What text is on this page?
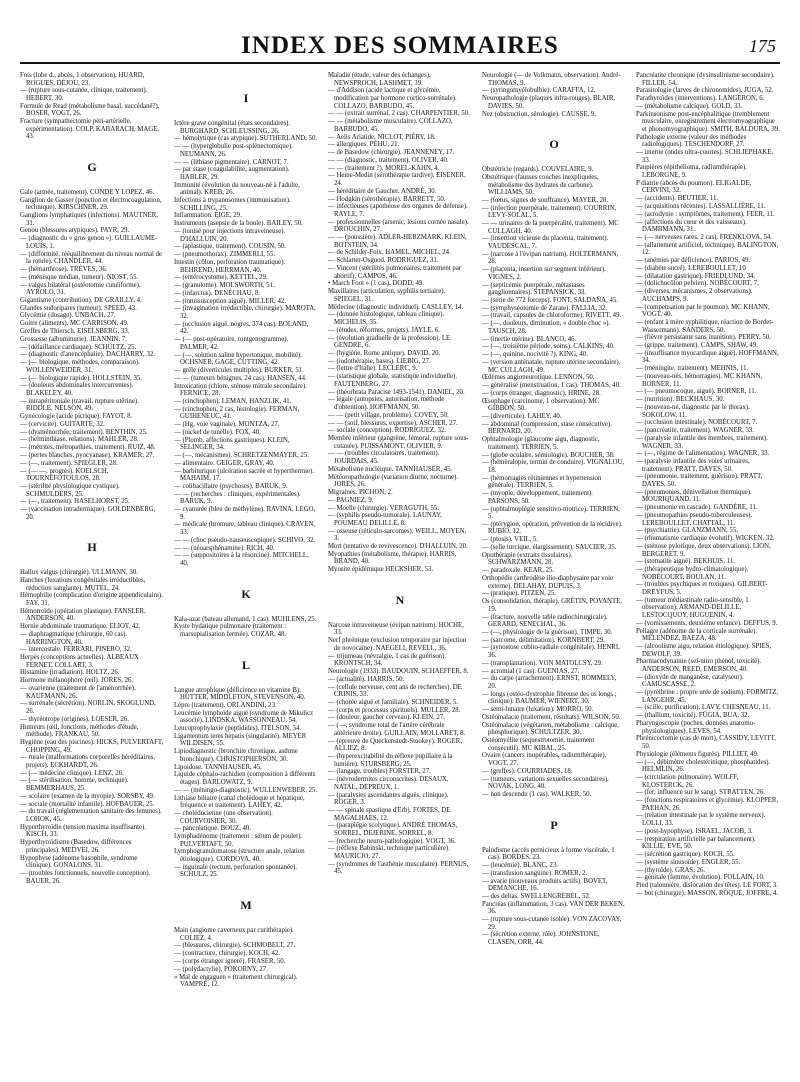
INDEX DES SOMMAIRES	175
Fois (lobe d., abcès, 1 observation). HUARD, ROGUES, DÉJOU, 23.
— (rupture sous-cutanée, clinique, traitement). HEBERT, 30.
Formule de Read (métabolisme basal, succédané?). BOSER, VOGT, 26.
Fracture (sympathectomie péri-artérielle, expérimentation). COLP, KABARACH, MAGE, 43.
G
Gale (armée, traitement). CONDE Y LOPEZ, 46.
Ganglion de Gasser (ponction et électrocoagulation, technique). KIRSCHNER, 29.
Ganglions lymphatiques (infections). MAUTNER, 31.
Genou (blessures atypiques). PAYR, 29.
— (diagnostic du « gros genou »). GUILLAUME-LOUIS, 1.
— (difformité, rééquilibrement du niveau normal de la rotule). CHANDLER, 44.
— (hémarthrose). TRÈVES, 36.
— (ménisque médian, tumeur). NIOST, 55.
— valgus bilatéral (ostéotomie cunéiforme). AYROLO, 31.
Gigantisme (contribution). DE GRAILLY, 4.
Glandes sudoripares (tumeur). SPEED, 43.
Glycémie (dosage). UNBACH, 27.
Goitre (aliments). MC CARRISON, 49.
Greffes de Thiersch. EISELSBERG, 33.
Grossesse (albuminurie). JEANNIN, 7.
— (défaillance cardiaque). SCHULTZ, 25.
— (diagnostic d'anencéphalie). DACHARRY, 32.
— (— biologique, méthodes, comparaison). WOLLENWEIDER, 31.
— (— biologique rapide). HOLLSTEIN, 35.
— (douleurs abdominales intercurrentes). BLAKELEY, 40.
— intrapéritoniale (travail, rupture utérine). RIDDLE, NELSON, 49.
Gynécologie (acide picrique). FAYOT, 8.
— (cervicite). GUITARTE, 32.
— (dysménorrhée, traitement). BENTHIN, 25.
— (helminthiase, relations). MAHLER, 28.
— (métrites, métropathies, traitement). RUIZ, 48.
— (pertes blanches, pyocyanase). KRAMER, 27.
— (—, traitement). SPIEGLER, 28.
— (— —, progrès). KOELSCH, TOURNEFOTOULOS, 28.
— (stérilité physiologique cystique). SCHMULDERS, 25.
— (—, traitement). HASELHORST, 25.
— (vaccination intradermique). GOLDENBERG, 20.
H
Hallux valgus (chirurgie). ULLMANN, 30.
Hanches (luxations congénitales irréductibles, réduction sanglante). MUTEL, 24.
Hémophilie (complication d'origine appendiculaire). FAY, 31.
Hémorroïde (opération plastique). FANSLER, ANDERSON, 40.
Hernie abdominale traumatique. ELIOT, 42.
— diaphragmatique (chirurgie, 60 cas). HARRINGTON, 40.
— intercostale. FERRARI, PINERO, 32.
Herpès (conceptions actuelles). ALBEAUX FERNET, COLLART, 3.
Histamine (irradiation). HOLTZ, 26.
Hormone mélanophore (œil). JORES, 26.
— ovarienne (traitement de l'aménorrhée). KAUFMANN, 26.
— surrénale (sécrétion). NORLIN, SKOGLUND, 26.
— thyréotrope (origines). LOESER, 26.
Humeurs (œil, fonctions, méthodes d'étude, méthode). FRANKAU, 50.
Hygiène (eau des piscines). HICKS, PULVERTAFT, CHOPPING, 49.
— rurale (malformations corporelles héréditaires, projets). ECKHARDT, 26.
— (— médecine clinique). LENZ, 26.
— (— stérilisation, homme, technique). BEMMERHAUS, 25.
— scolaire (examen de la myopie). SORSBY, 49.
— sociale (mortalité infantile). HOFBAUER, 25.
— du travail (réglementation sanitaire des femmes). LOHOK, 45.
Hyperthyroïdie (tension maxima insuffisante). KISCH, 33.
Hyperthyroïdisme (Basedow, différences principales). MEDVEI, 26.
Hypophyse (adénome basophile, syndrome clinique). GONALONS, 31.
— (troubles fonctionnels, nouvelle conception). BAUER, 26.
I
Ictère grave congénital (états secondaires). BURGHARD, SCHLEUSSING, 26.
— hémolytique (cas atypique). SUTHERLAND, 50.
— — (hyperglobulie post-splénectomique). NEUMANN, 26.
— — (lithiase pigmentaire). CARNOT, 7.
— par stase (coagulabilité, augmentation). HABLER, 29.
Immunité (évolution du nouveau-né à l'adulte, animal). KREB, 26.
Infections à trypanosomes (immunisation). SCHILLING, 25.
Inflammation. EIGE, 29.
Instruments (asepsie de la boule). BAILEY, 50.
— (ionisé pour injections intraveineuse). D'HALLUIN, 20.
— (aplastique, traitement). COUSIN, 50.
— (pneumothorax). ZIMMERLI, 55.
Intestin (côlon, perforation traumatique). BEHREND, HERRMAN, 40.
— (entérocystome). KETTEL, 29.
— (granulome). MOLSWORTH, 51.
— (infarctus). DENÉCHAU, 8.
— (intussusception aiguë). MILLER, 42.
— (invagination irréductible, chirurgie). MAROTA, 32.
— (occlusion aiguë, nogres, 374 cas). BOLAND, 42.
— (— post-opératoire, rontgenogramme). PALMER, 42.
— (—, solution saline hypertonique, mobilité). OCHSNER, GAGE, CUTTING, 42.
— grêle (diverticules multiples). BURKER, 51.
— — (tumeurs bénignes, 24 cas). HANSEN, 44.
Intoxication (chlore, sténose mitrale secondaire). FERNICE, 28.
— (cinchophen). LEMAN, HANZLIK, 41.
— (cinchophen, 2 cas, histologie). FERMAN, GUIHENEUC, 41.
— (Hg, voie vaginale). MONTZA, 27.
— (nickel de tunelle). FOX, 40.
— (Plomb, affections gastriques). KLEIN, SELINGER, 34.
— (—, mécanismes). SCHRETZENMAYER, 25.
— alimentaire. GEIGER, GRAY, 40.
— barbiturique (ulcération sacrée et hyperthermie). MAHAIM, 17.
— colibacillaire (psychoses). BARUK, 9.
— — (recherches : cliniques, expérimentales). BARUK, 9.
— cyanurée (bleu de méthylène). RAVINA, LEGO, 9.
— médicale (bromure, tableau clinique). CRAVEN, 33.
— — (choc pseudo-nauseuscopique). SCHIVO, 32.
— — (néoarsphénamine). RICH, 40.
— — (suppositoires à la résorcine). MITCHELL, 40.
K
Kala-azar (bateau allemand, 1 cas). MUHLENS, 25.
Kyste hydatique pulmonaire (traitement : marsupialisation fermée). COZAR, 48.
L
Langue atrophique (déficience en vitamine B). HUTTER, MIDDLETON, STEVENSON, 40.
Lèpre (traitement). ORLANDINI, 23.
Leucémie lymphoïde aiguë (syndrome de Mikulicz associé). LINDSKA, WASSONNEAU, 54.
Leucoprophylaxie (peptidides). ITELSON, 54.
Ligamentum teres hepatis (singularité). MEYER WILDISEN, 55.
Lipiodiagnostic (bronchite chronique, asthme bronchique). CHRISTOPHERSON, 30.
Lipoidose. TANNHAUSER, 45.
Liquide céphalo-rachidien (composition à différents étages). BARLOWATZ, 9.
— — (méningo-diagnostic). WULLENWEBER, 25.
Lithiase biliaire (canal cholédoque et hépatique, fréquence et traitement). LAHEY, 42.
— cholédocienne (une observation). COURVOISIER, 30.
— pancréatique. BOUZ, 40.
Lymphadénome (traitement : sérum de poulet). PULVERTAFT, 50.
Lymphogranulomatose (structure anale, relation étiologique). CORDOVA, 40.
— inguinale (rectum, perforation spontanée). SCHULZ, 25.
M
Main (angiome caverneux par curithérapie). COLIEZ, 4.
— (blessures, chirurgie). SCHMOBELT, 27.
— (contracture, chirurgie). KOCH, 42.
— (corps étranger igneré). FRASER, 50.
— (polydactylie). POKORNY, 27.
« Mal de engaguen » (traitement chirurgical). VAMPRÉ, 12.
Maladie (étude, valeur des échanges). NEWSPROCH, LASHMET, 39.
— d'Addison (acide lactique et glycémie, modification par hormone cortico-surrénale). COLLAZO, BARBUDO, 45.
— — (extrait surrénal, 2 cas). CHARPENTIER, 50.
— — (métabolisme musculaire). COLLAZO, BARBUDO, 45.
— Aelis Ariatide. NICLOT, PIÉRY, 18.
— allergiques. PÉHU, 21.
— de Basedow (chirurgie). JEANNENEY, 17.
— — (diagnostic, traitement). OLIVER, 40.
— — (traitement ?). MOREL-KAHN, 4.
— Heine-Medin (sérothérapie tardive). EISENER, 24.
— héréditaire de Gaucher. ANDRÉ, 30.
— Hodgkin (sérothérapie). BARRETT, 50.
— infectieuses (apothéose des organes de défense). RAYLE, 7.
— professionnelles (arsenic, lésions cornée nasale). DROUCHIN, 27.
— — (poussière). ADLER-HERZMARK, KLEIN, BOTSTEIN, 34.
— de Schilder-Foix. HAMEL, MICHEL, 24.
— Schlatter-Osgood. RODRIGUEZ, 31.
— Vincent (stérilités pulmonaires, traitement par abortif). CAMPOS, 46.
• March Foot » (1 cas). DODD, 49.
Maxillaires (articulation, syphilis tertiaire). SPIEGEL, 31.
Médecine (diagnostic individuel). CASLLEY, 14.
— (donnée histologique, tableau clinique). MICHELIS, 35.
— (études, réformes, projets). JAYLE, 6.
— (évolution graduelle de la profession). LE GENDRE, 6.
— (hygiène, Rome antique). DAVID, 20.
— (iodothérapie, bases). LIEBIG, 27.
— (lettre d'Italie). LECLERC, 9.
— (statistique globale, statistique individuelle). FAUTENBERG, 27.
— (théorbrata Paracise 1493-1541). DANIEL, 20.
— légale (autopsies, autorisation, méthode d'obtention). HOFFMANN, 50.
— — (petit village, problème). COVEY, 50.
— — (soif, blessures, expertise). ASCHER, 27.
— sociale (conception). RODRIGUEZ, 32.
Membre inférieur (gangrène, fémoral, rupture sous-cutanée). PUISSAMONT, OLIVIER, 9.
— — (troubles circulatoires, traitement). JOURDAIS, 45.
Métabolisme nucléique. TANNHAUSER, 45.
Météoropathologie (variation diurne, nocturne). JORES, 26.
Migraines. PICHON, 2.
— PAGNIEZ, 9.
— Moelle (chirurgie). VERAGUTH, 55.
— (syphilis pseudo-tumorale). LAUNAY, POUMEAU DELILLE, 8.
— osseuse (réticulo-sarcomes). WEILL, MOYEN, 3.
Mort (tentative de revivescence). D'HALLUIN, 20.
Myopathies (métabolisme, thérapie). HARRIS, BRAND, 40.
Myosite épidémique HECKSHER, 53.
N
Narcose intraveineuse (évipan natrium). HOCHE, 33.
Nerf phrénique (exclusion temporaire par injection de novocaïne). NAEGELI, REVELL, 36.
— trijumeau (névralgie, 1 cas de guérison). KRONTSCH, 34.
Neurologie (1933). BAUDOUIN, SCHAEFFER, 8.
— (actualité). HARRIS, 50.
— (cellule nerveuse, cent ans de recherches). DE CRINIS, 33.
— (chorée aiguë et familiale). SCHNEIDER, 5.
— (corps et processus spirituels). MULLER, 28.
— (douleur, gaucher cerveau). KLEIN, 27.
— (—, syndrome total de l'artère cérébrale antérieure droite). GUILLAIN, MOLLARET, 8.
— (épreuve de Queckenstedt-Stookey). ROGER, ALLIEZ, 8.
— (hyperexcitabilité du réflexe pupillaire à la lumière). STURSBERG, 25.
— (langage, troubles) FORSTER, 27.
— (névrodermites circonscrites). DESAUX, NATAL, DEPREUX, 1.
— (paralysies ascendantes aiguës, clinique). ROGER, 3.
— — spinale spastique d'Erb). FORTES, DE MAGALHAES, 12.
— (paraplégie scolytique). ANDRÉ THOMAS, SORREL, DEJERINE, SORREL, 8.
— (recherche neuro-pathologique). VOGT, 36.
— (réflexe Babinski, technique particulière). MAURICIO, 27.
— (syndromes de l'asthénie musculaire). PERNUS, 45.
Neurologie (— de Volkmann, observation). André-THOMAS, 9.
— (syringomyélobulbie). CARAFFA, 12.
Neuropathologie (plaques infra-rouges). BLAIR, DAVIES, 50.
Nez (obstruction, sérologie). CAUSSE, 9.
O
Obstétricie (regards). COUVELAIRE, 9.
Obstétrique (fausses couches inexpliquées, métabolisme des hydrates de carbone). WILLIAMS, 50.
— (fœtus, signes de souffrance). MAYER, 28.
— (infection puerpérale, traitement). COURRIN, LEVY-SOLAL, 5.
— — urinaires de la puerpéralité, traitement). MC CULLAGH, 40.
— (insertion vicieuse du placenta, traitement). VAUDESCAL, 7.
— (narcose à l'évipan natrium). HOLTERMANN, 28.
— (placenta, insertion sur segment inférieur). VIGNES, 2.
— (septicémie puerpérale, métastases ganglionnaires). STEPANSICK, 33.
— (série de 772 forceps). FONT, SALDAÑA, 45.
— (symphyséotomie de Zarate). FALLIA, 32.
— (travail, capsules de chloroforme). RIVETT, 49.
— (—, douleurs, diminution, « double choc »). TAUSCH, 28.
— (inertie utérine). BLANCO, 46.
— (—, troisième période, soins). CALKINS, 40.
— (—, quinine, nocivité ?). KING, 40.
— (version anténatale, rupture utérine secondaire). MC CULLAGH, 49.
Œdèmes angioneurotique. LENNON, 50.
— généralisé (menstruation, 1 cas). THOMAS, 40.
— (corps étranger, diagnostic). HRINE, 28.
Œsophage (carcinome, 1 observation). MC GIBBON, 50.
— (diverticule). LAHEY, 40.
— abdominal (compression, stase consécutive). BERNARD, 20.
Ophtalmologie (glaucome aigu, diagnostic, traitement). TERRIEN, 5.
— (globe oculaire, sémiologie). BOUCHER, 38.
— (héméralopie, termin de conduire). VIGNALOU, 18.
— (hémorragies rétiniennes et hypertension générale). TERRIEN, 5.
— (myopie, développement, traitement). PARSONS, 50.
— (ophtalmoplégie sensitivo-motrice). TERRIEN, 5.
— (ptérygion, opération, prévention de la récidive). RUBIO, 12.
— (ptosis). VEIL, 5.
— (selle turcique, élargissement). SAUCIER, 35.
Opothérapie (extraits tissulaires). SCHWARZMANN, 28.
— paradoxale. KEAR, 25.
Orthopédie (arthrodèse ilio-diaphysaire par voie externe). DELAHAY, DUPUIS, 3.
— (pratique). PITZEN, 25.
Os (consolidation, thérapie). GRÉTIN, POVANTE, 19.
— (fracture, nouvelle table radiochirurgicale). GERARD, SENECHAL, 36.
— (—, physiologie de la guérison). TIMPE, 30.
— (sarcome, délimitation). KORNBERT, 29.
— (synostose cubito-radiale congénitale). HENRI, 36.
— (transplantation). VON MATOLCSY, 29.
— acromial (1 cas). GUENIAS, 27.
— du carpe (arrachement). ERNST, ROMMELY, 20.
— longs (ostéo-dystrophie fibreuse des os longs ; clinique). BAUMER, WIENERT, 30.
— semi-lunaire (luxation). MORRO, 50.
Ostéomalacie (traitement, résultats). WILSON, 50.
Ostéomalacie (végétarien, métabolisme : calcique, phosphorique). SCHULTZER, 30.
Ostéomyélite (sequestrotomie, traitement consécutif). MC KIBAL, 25.
Ovaire (cancers inopérables, radiumthérapie). VOGT, 27.
— (greffes). COURRIADES, 18.
— (tumeurs, variations sexuelles secondaires). NOVAK, LONG, 40.
— non descendu (1 cas). WALKER, 50.
P
Paludisme (accès pernicieux à forme viscérale, 1 cas). BORDES, 23.
— (leucémie). BLANC, 23.
— (transfusion sanguine). ROMER, 2.
— avarie (nouveaux produits actifs). BOVET, DEMANCHE, 16.
— des deltas. SWELLENGREBEL, 52.
Pancréas (inflammation, 3 cas). VAN DER BEKEN, 36.
— (rupture sous-cutanée isolée). VON ZACOVAY, 29.
— (sécrétion externe, rôle). JOHNSTONE, CLASEN, ORR, 44.
Pancréatite chronique (dysinsulinisme secondaire). FILLER, 54.
Parasitologie (larves de chironomides). JUGA, 52.
Parathyroïdes (interventions). LANGERON, 6.
— (métabolisme calcique). GOLD, 33.
Parkinsonisme post-encéphalitique (tremblement musculaire, enregistrement électromyographique et phonomyographique). SMITH, BALDURA, 39.
Pathologie externe (valeur des méthodes radiologiques). TESCHENDORF, 27.
— interne (ondes ultra-courtes). SCHLIEPHAKE, 33.
Paupières (épithélioma, radiumthérapie). LEBORGNE, 9.
P diatrie (abcès du poumon). ELIGALDE, CERVINI, 32.
— (accidents). BEUTIER, 11.
— (acquisitions récentes). LASSALLIÈRE, 11.
— (acrodynie : symptômes, traitement). FEER, 11.
— (affections du cœur et des vaisseaux). DAMBMANN, 31.
— (— nerveuses rares, 2 cas). FRENKLOVA, 54.
— (allaitement artificiel, technique). BALINGTON, 12.
— (anémies par déficience). PARIOS, 49.
— (diabète sucré). LEREBOULLET, 10
— (dilatation gastrique). FRIEDLUND, 34.
— (dolichocôlon pelvien). NOBÉCOURT, 7.
— (diverses, mécanismes, 2 observations). AUCHAMPS, 9.
— (compensation par le poumon). MC KHANN, VOGT, 40.
— (enfant à mère syphilitique, réaction de Bordet-Wassermann). SANDERS, 50.
— (fièvre persistante sans inanition). PERRY, 50.
— (grippe, traitement). CAMPS, SHAW, 49.
— (insuffisance myocardique aiguë). HOFFMANN, 34.
— (méningite, traitement). MEHNIS, 11.
— (nouveau-nés, hémorragies). MC KHANN, BORNER, 11.
— (— pneumocoque, aiguë). BORNER, 11.
— (nutrition). BECKHAUS, 30.
— (nouveau-né, diagnostic par le thorax). SOKOLOW, 11.
— (occlusion intestinale). NOBÉCOURT, 7.
— (pancréatite, traitement). WAGNER, 33.
— (paralysie infantile des membres, traitement). WAGNER, 33.
— (—, régime de l'alimentation). WAGNER, 33.
— (paralysie infantile des voies urinaires, traitement). PRATT, DAYES, 50.
— (pneumonie, traitement, guérison). PRATT, DAYES, 50.
— (pneumonies, dénivellation thermique). MOURIQUAND, 11.
— (pneumonie en cascade). GANDÈRE, 11.
— (pneumopathies pseudo-tuberculeuses). LEREBOULLET, CHATTAL, 11.
— (psychiatrie). GLANZMANN, 55.
— (rhumatisme cardiaque évolutif). WICKEN, 32.
— (sténose pylorique, deux observations). LION, BERGERET, 9.
— (stomatite aiguë). BEKHUIS, 11.
— (thérapeutique hydro-climatologique). NOBÉCOURT, BOULAN, 11.
— (troubles psychiques et toxiques). GILBERT-DREYFUS, 5.
— (tumeur médiastinale radio-sensible, 1 observation). ARMAND-DELILLE, LESTOCQUOY, HUGUENIN, 4.
— (vomissements, deuxième enfance). DEFFUS, 9.
Pellagre (adénome de la corticale surrénale). MELENDEZ, BAEZA, 48.
— (alcoolisme aigu, relation étiologique). SPIES, DEWOLF, 39.
Pharmacodynamie (sel-nitro phénol, toxicité). ANDERSON, REED, EMERSON, 40.
— (dioxyde de manganèse, catalyseur). CAMUSCASSE, 2.
— (pyréthrine : propre urée de sodium). FORMITZ, LANGEHR, 45.
— (scille, purification). LAVY, CHESNEAU, 11.
— (thallium, toxicité). FÜGIA, BUA, 32.
Pharyngoscopie (poches, données anatomo-physiologiques). LEVES, 54.
Phrénicectomie (cas de mort). CASSIDY, LEVITT, 50.
Physiologie (éléments figurés). PILLIET, 49.
— (—, débimètre cholestérinique, phosphatides). HELMLIN, 26.
— (circulation pulmonaire). WOLFF, KLOSTERCK, 26.
— (fer, influence sur le sang). STRATTEN, 26.
— (fonctions respiratoires et glycémie). KLOPFER, PAEHAN, 26.
— (relation intestinale par le système nerveux). LOLLI, 33.
— (post-hypophyse). ISRAEL, JACOB, 3.
— (respiration artificielle par balancement). KILLIE, EVE, 50.
— (sécrétion gastrique). KOCH, 55.
— (système sinusoïde). ENGLER, 55.
— (thyroïde). GRAS, 26.
— génitale (femme, évolution). FOLLAIN, 10.
Pied (talonnière, dislocation des têtes). LE FORT, 3.
— bot (chirurgie). MASSON, ROQUE, JOFFRE, 4.
